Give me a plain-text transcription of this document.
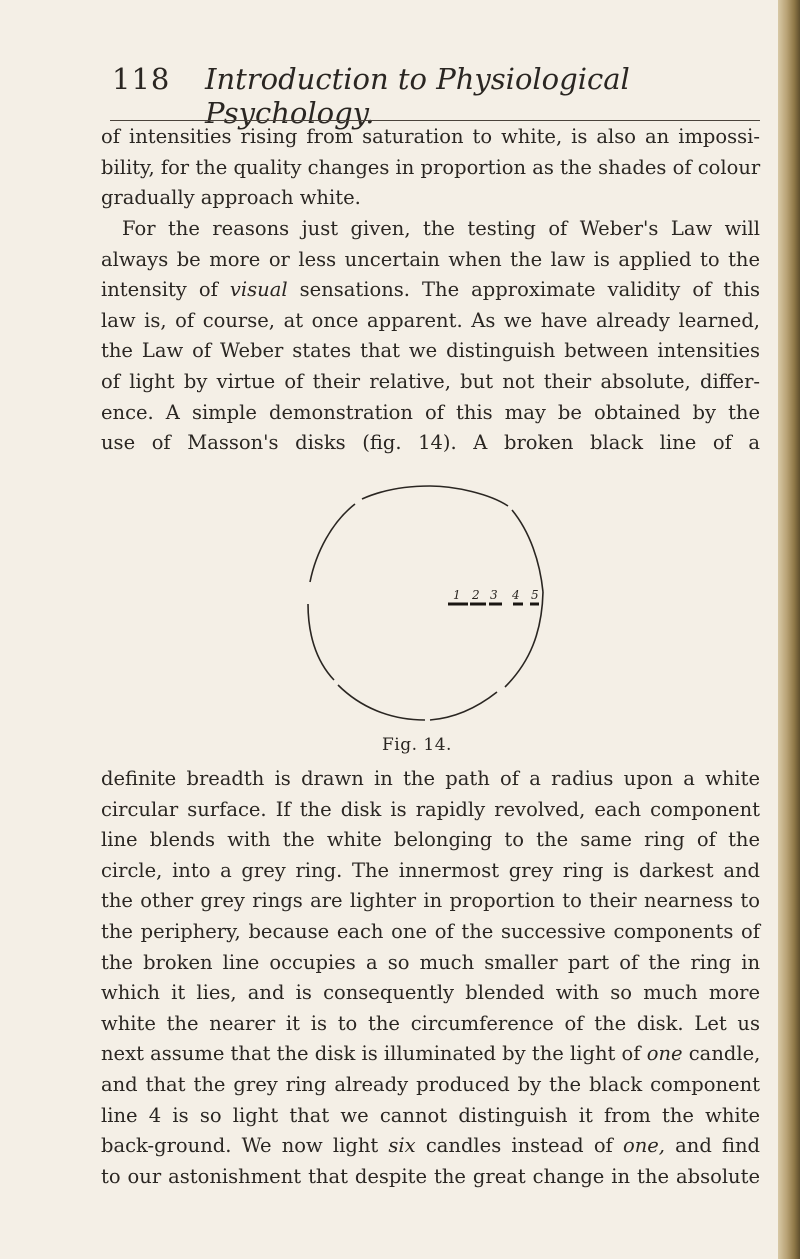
118 Introduction to Physiological Psychology.
of intensities rising from saturation to white, is also an impossi-
bility, for the quality changes in proportion as the shades of colour
gradually approach white.
For the reasons just given, the testing of Weber's Law will
always be more or less uncertain when the law is applied to the
intensity of visual sensations. The approximate validity of this
law is, of course, at once apparent. As we have already learned,
the Law of Weber states that we distinguish between intensities
of light by virtue of their relative, but not their absolute, differ-
ence. A simple demonstration of this may be obtained by the
use of Masson's disks (fig. 14). A broken black line of a
1 2 3 4 5
Fig. 14.
definite breadth is drawn in the path of a radius upon a white
circular surface. If the disk is rapidly revolved, each component
line blends with the white belonging to the same ring of the
circle, into a grey ring. The innermost grey ring is darkest and
the other grey rings are lighter in proportion to their nearness to
the periphery, because each one of the successive components of
the broken line occupies a so much smaller part of the ring in
which it lies, and is consequently blended with so much more
white the nearer it is to the circumference of the disk. Let us
next assume that the disk is illuminated by the light of one candle,
and that the grey ring already produced by the black component
line 4 is so light that we cannot distinguish it from the white
back-ground. We now light six candles instead of one, and find
to our astonishment that despite the great change in the absolute
